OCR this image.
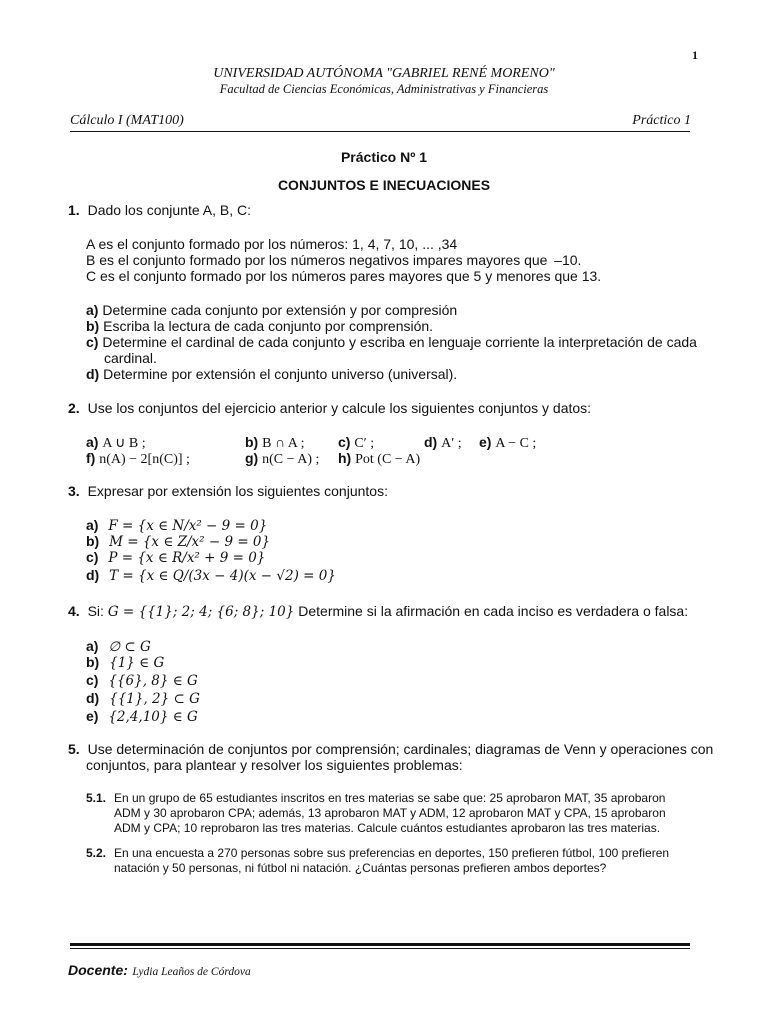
1
UNIVERSIDAD AUTÓNOMA "GABRIEL RENÉ MORENO"
Facultad de Ciencias Económicas, Administrativas y Financieras
Cálculo I (MAT100)	Práctico 1
Práctico Nº 1
CONJUNTOS E INECUACIONES
1. Dado los conjunte A, B, C:
A es el conjunto formado por los números: 1, 4, 7, 10, ... ,34
B es el conjunto formado por los números negativos impares mayores que  –10.
C es el conjunto formado por los números pares mayores que 5 y menores que 13.
a) Determine cada conjunto por extensión y por compresión
b) Escriba la lectura de cada conjunto por comprensión.
c) Determine el cardinal de cada conjunto y escriba en lenguaje corriente la interpretación de cada
cardinal.
d) Determine por extensión el conjunto universo (universal).
2. Use los conjuntos del ejercicio anterior y calcule los siguientes conjuntos y datos:
a) A ∪ B ;	b) B ∩ A ; c) C′ ;	d) A′ ; e) A − C ;
f) n(A) − 2[n(C)] ;	g) n(C − A) ; h) Pot (C − A)
3. Expresar por extensión los siguientes conjuntos:
a) F = {x ∈ N/x² − 9 = 0}
b) M = {x ∈ Z/x² − 9 = 0}
c) P = {x ∈ R/x² + 9 = 0}
d) T = {x ∈ Q/(3x − 4)(x − √2) = 0}
4. Si: G = {{1}; 2; 4; {6; 8}; 10} Determine si la afirmación en cada inciso es verdadera o falsa:
a) ∅ ⊂ G
b) {1} ∈ G
c) {{6}, 8} ∈ G
d) {{1}, 2} ⊂ G
e) {2,4,10} ∈ G
5. Use determinación de conjuntos por comprensión; cardinales; diagramas de Venn y operaciones con
conjuntos, para plantear y resolver los siguientes problemas:
5.1. En un grupo de 65 estudiantes inscritos en tres materias se sabe que: 25 aprobaron MAT, 35 aprobaron
ADM y 30 aprobaron CPA; además, 13 aprobaron MAT y ADM, 12 aprobaron MAT y CPA, 15 aprobaron
ADM y CPA; 10 reprobaron las tres materias. Calcule cuántos estudiantes aprobaron las tres materias.
5.2. En una encuesta a 270 personas sobre sus preferencias en deportes, 150 prefieren fútbol, 100 prefieren
natación y 50 personas, ni fútbol ni natación. ¿Cuántas personas prefieren ambos deportes?
Docente: Lydia Leaños de Córdova
